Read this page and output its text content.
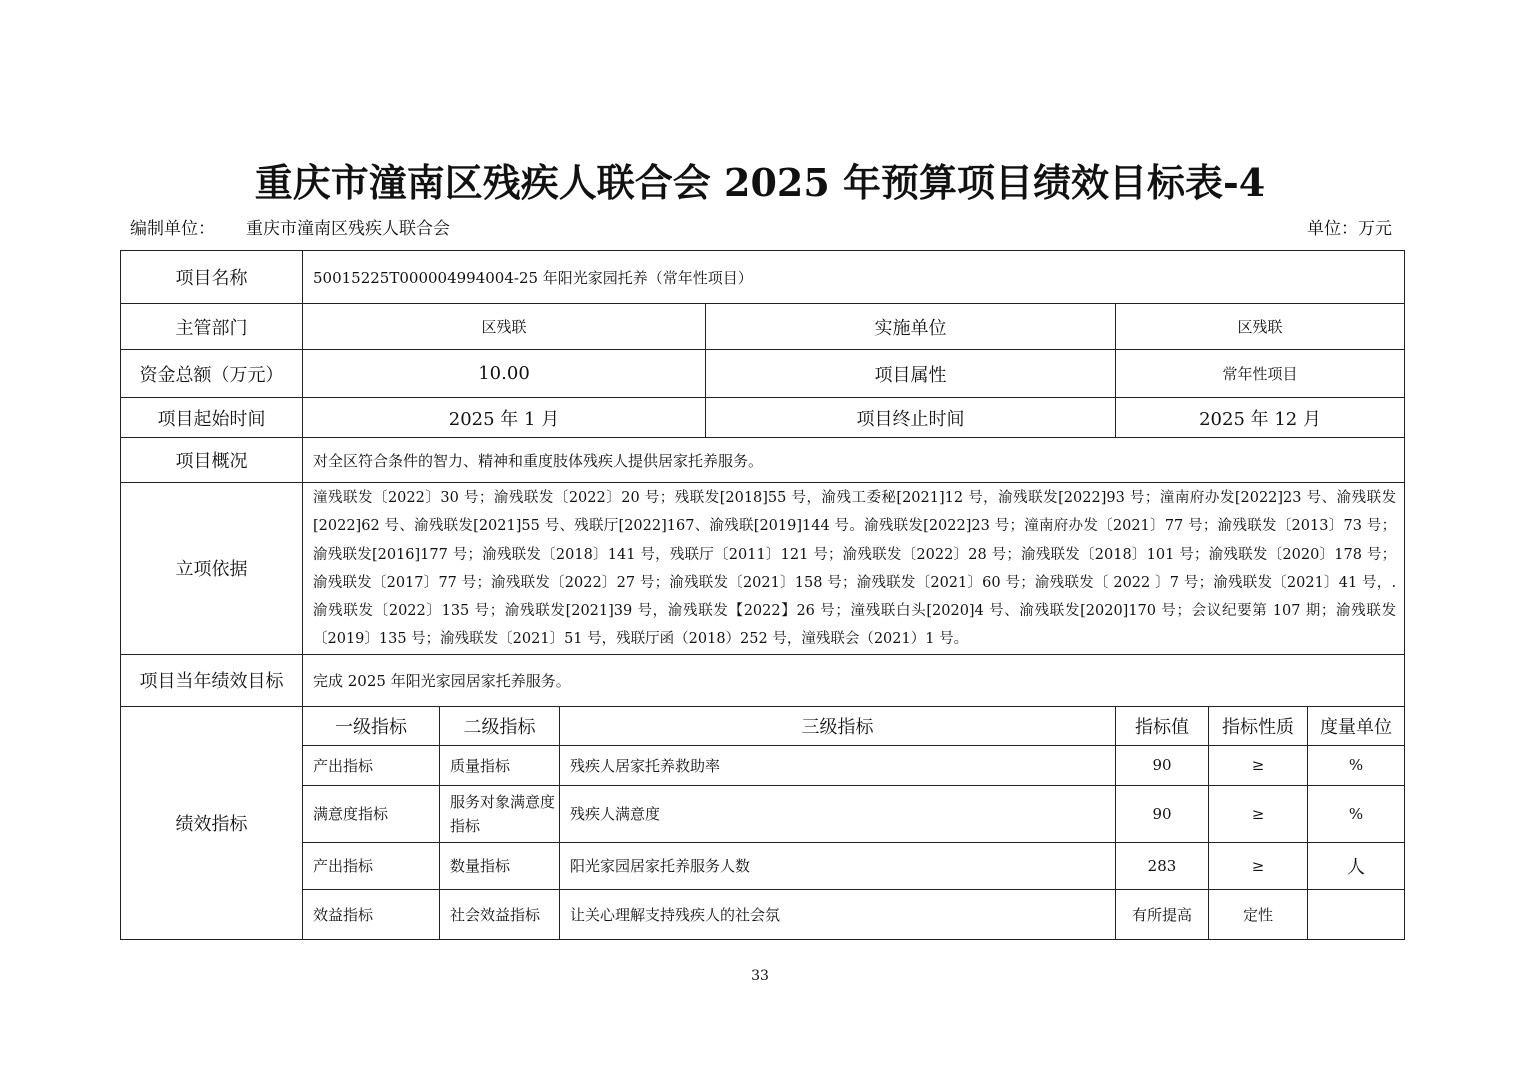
重庆市潼南区残疾人联合会 2025 年预算项目绩效目标表-4
编制单位： 重庆市潼南区残疾人联合会	单位：万元
项目名称	50015225T000004994004-25 年阳光家园托养（常年性项目）						
主管部门	区残联			实施单位	区残联		
资金总额（万元）	10.00			项目属性	常年性项目		
项目起始时间	2025 年 1 月			项目终止时间	2025 年 12 月		
项目概况	对全区符合条件的智力、精神和重度肢体残疾人提供居家托养服务。						
立项依据	潼残联发〔2022〕30 号；渝残联发〔2022〕20 号；残联发[2018]55 号，渝残工委秘[2021]12 号，渝残联发[2022]93 号；潼南府办发[2022]23 号、渝残联发[2022]62 号、渝残联发[2021]55 号、残联厅[2022]167、渝残联[2019]144 号。渝残联发[2022]23 号；潼南府办发〔2021〕77 号；渝残联发〔2013〕73 号；渝残联发[2016]177 号；渝残联发〔2018〕141 号，残联厅〔2011〕121 号；渝残联发〔2022〕28 号；渝残联发〔2018〕101 号；渝残联发〔2020〕178 号；渝残联发〔2017〕77 号；渝残联发〔2022〕27 号；渝残联发〔2021〕158 号；渝残联发〔2021〕60 号；渝残联发〔 2022 〕7 号；渝残联发〔2021〕41 号，.渝残联发〔2022〕135 号；渝残联发[2021]39 号，渝残联发【2022】26 号；潼残联白头[2020]4 号、渝残联发[2020]170 号；会议纪要第 107 期；渝残联发〔2019〕135 号；渝残联发〔2021〕51 号，残联厅函（2018）252 号，潼残联会（2021）1 号。						
项目当年绩效目标	完成 2025 年阳光家园居家托养服务。						
绩效指标	一级指标	二级指标	三级指标		指标值	指标性质	度量单位
	产出指标	质量指标	残疾人居家托养救助率		90	≥	%
	满意度指标	服务对象满意度指标	残疾人满意度		90	≥	%
	产出指标	数量指标	阳光家园居家托养服务人数		283	≥	人
	效益指标	社会效益指标	让关心理解支持残疾人的社会氛		有所提高	定性	
33
